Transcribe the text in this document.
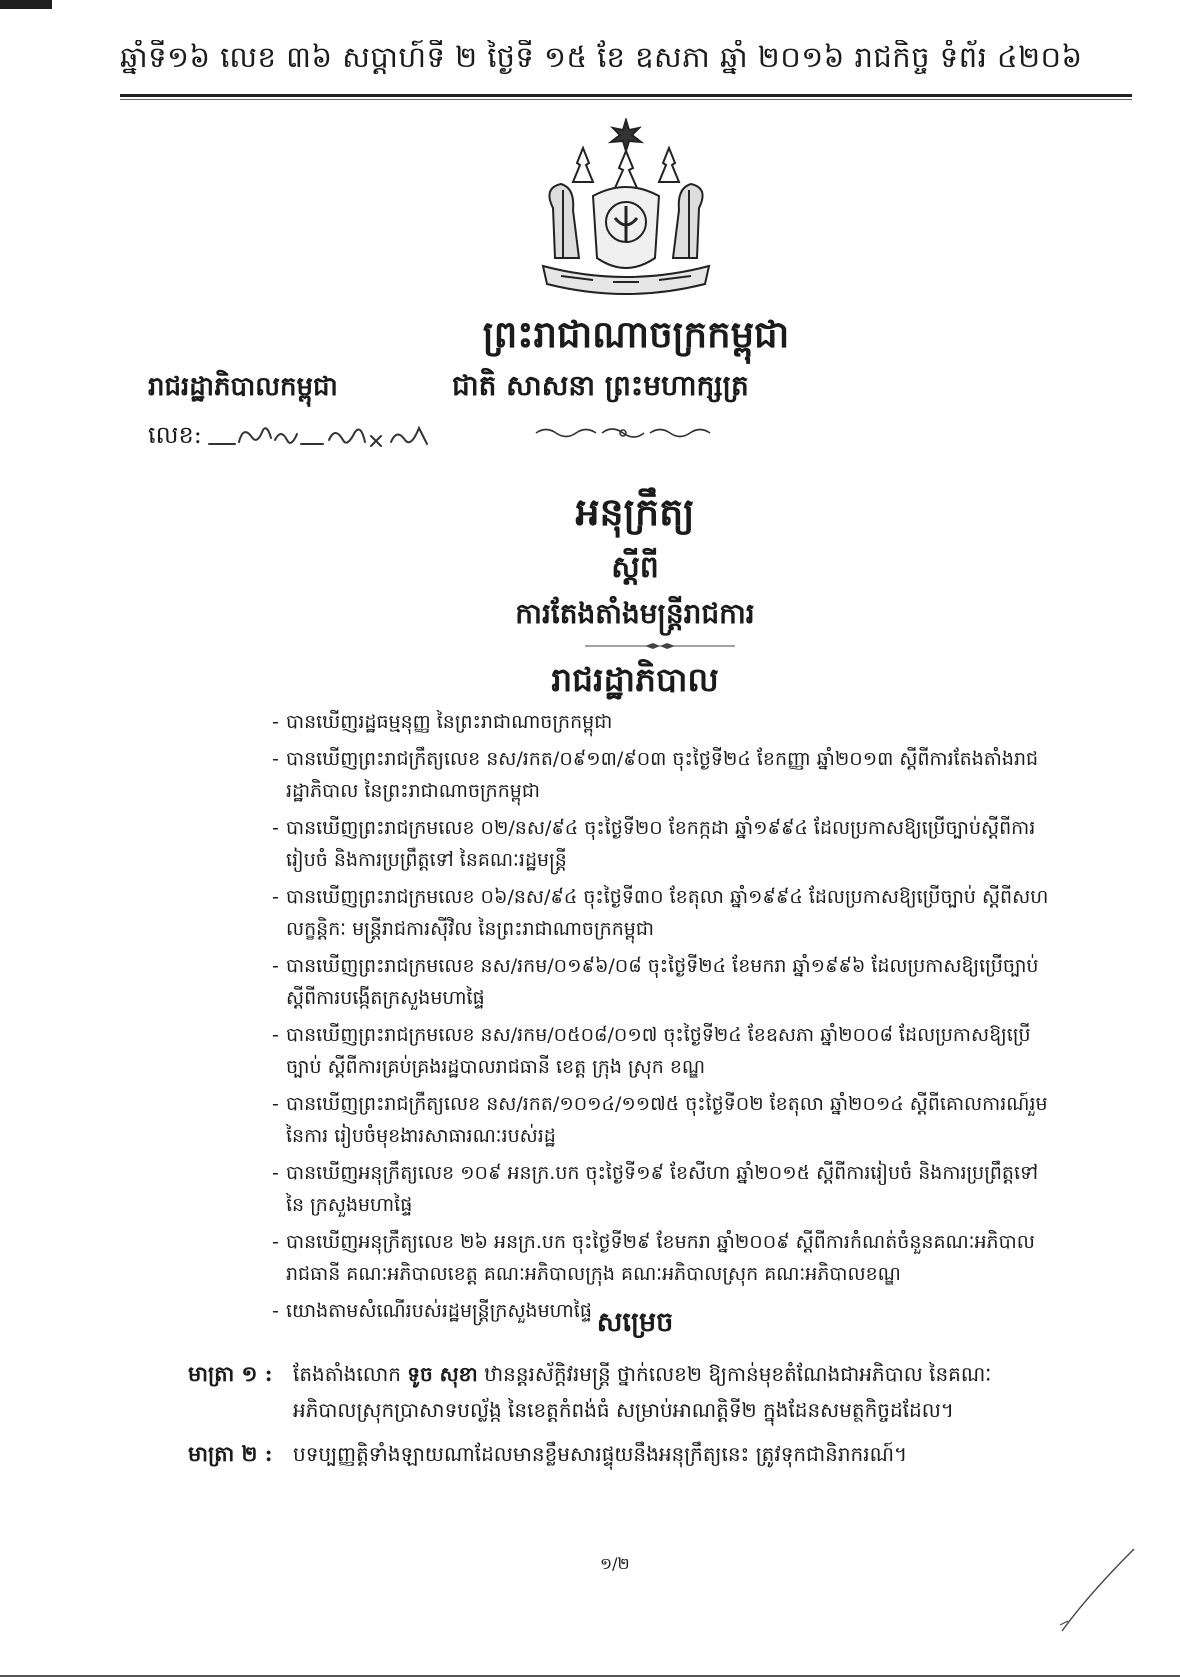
ឆ្នាំទី១៦ លេខ ៣៦ សប្តាហ៍ទី ២ ថ្ងៃទី ១៥ ខែ ឧសភា ឆ្នាំ ២០១៦ រាជកិច្ច ទំព័រ ៤២០៦
ព្រះរាជាណាចក្រកម្ពុជា
រាជរដ្ឋាភិបាលកម្ពុជា	ជាតិ សាសនា ព្រះមហាក្សត្រ
លេខ:
អនុក្រឹត្យ
ស្តីពី
ការតែងតាំងមន្ត្រីរាជការ
រាជរដ្ឋាភិបាល
- បានឃើញរដ្ឋធម្មនុញ្ញ នៃព្រះរាជាណាចក្រកម្ពុជា
- បានឃើញព្រះរាជក្រឹត្យលេខ នស/រកត/០៩១៣/៩០៣ ចុះថ្ងៃទី២៤ ខែកញ្ញា ឆ្នាំ២០១៣ ស្តីពីការតែងតាំងរាជរដ្ឋាភិបាល នៃព្រះរាជាណាចក្រកម្ពុជា
- បានឃើញព្រះរាជក្រមលេខ ០២/នស/៩៤ ចុះថ្ងៃទី២០ ខែកក្កដា ឆ្នាំ១៩៩៤ ដែលប្រកាសឱ្យប្រើច្បាប់ស្តីពីការរៀបចំ និងការប្រព្រឹត្តទៅ នៃគណៈរដ្ឋមន្ត្រី
- បានឃើញព្រះរាជក្រមលេខ ០៦/នស/៩៤ ចុះថ្ងៃទី៣០ ខែតុលា ឆ្នាំ១៩៩៤ ដែលប្រកាសឱ្យប្រើច្បាប់ ស្តីពីសហលក្ខន្តិកៈ មន្ត្រីរាជការស៊ីវិល នៃព្រះរាជាណាចក្រកម្ពុជា
- បានឃើញព្រះរាជក្រមលេខ នស/រកម/០១៩៦/០៨ ចុះថ្ងៃទី២៤ ខែមករា ឆ្នាំ១៩៩៦ ដែលប្រកាសឱ្យប្រើច្បាប់ ស្តីពីការបង្កើតក្រសួងមហាផ្ទៃ
- បានឃើញព្រះរាជក្រមលេខ នស/រកម/០៥០៨/០១៧ ចុះថ្ងៃទី២៤ ខែឧសភា ឆ្នាំ២០០៨ ដែលប្រកាសឱ្យប្រើច្បាប់ ស្តីពីការគ្រប់គ្រងរដ្ឋបាលរាជធានី ខេត្ត ក្រុង ស្រុក ខណ្ឌ
- បានឃើញព្រះរាជក្រឹត្យលេខ នស/រកត/១០១៤/១១៧៥ ចុះថ្ងៃទី០២ ខែតុលា ឆ្នាំ២០១៤ ស្តីពីគោលការណ៍រួម នៃការ រៀបចំមុខងារសាធារណៈរបស់រដ្ឋ
- បានឃើញអនុក្រឹត្យលេខ ១០៩ អនក្រ.បក ចុះថ្ងៃទី១៩ ខែសីហា ឆ្នាំ២០១៥ ស្តីពីការរៀបចំ និងការប្រព្រឹត្តទៅ នៃ ក្រសួងមហាផ្ទៃ
- បានឃើញអនុក្រឹត្យលេខ ២៦ អនក្រ.បក ចុះថ្ងៃទី២៩ ខែមករា ឆ្នាំ២០០៩ ស្តីពីការកំណត់ចំនួនគណៈអភិបាលរាជធានី គណៈអភិបាលខេត្ត គណៈអភិបាលក្រុង គណៈអភិបាលស្រុក គណៈអភិបាលខណ្ឌ
- យោងតាមសំណើរបស់រដ្ឋមន្ត្រីក្រសួងមហាផ្ទៃ សម្រេច
មាត្រា ១ : តែងតាំងលោក ទូច សុខា ឋានន្តរស័ក្តិវរមន្ត្រី ថ្នាក់លេខ២ ឱ្យកាន់មុខតំណែងជាអភិបាល នៃគណៈ
អភិបាលស្រុកប្រាសាទបល្ល័ង្ក នៃខេត្តកំពង់ធំ សម្រាប់អាណត្តិទី២ ក្នុងដែនសមត្ថកិច្ចដដែល។
មាត្រា ២ : បទប្បញ្ញត្តិទាំងឡាយណាដែលមានខ្លឹមសារផ្ទុយនឹងអនុក្រឹត្យនេះ ត្រូវទុកជានិរាករណ៍។
១/២
